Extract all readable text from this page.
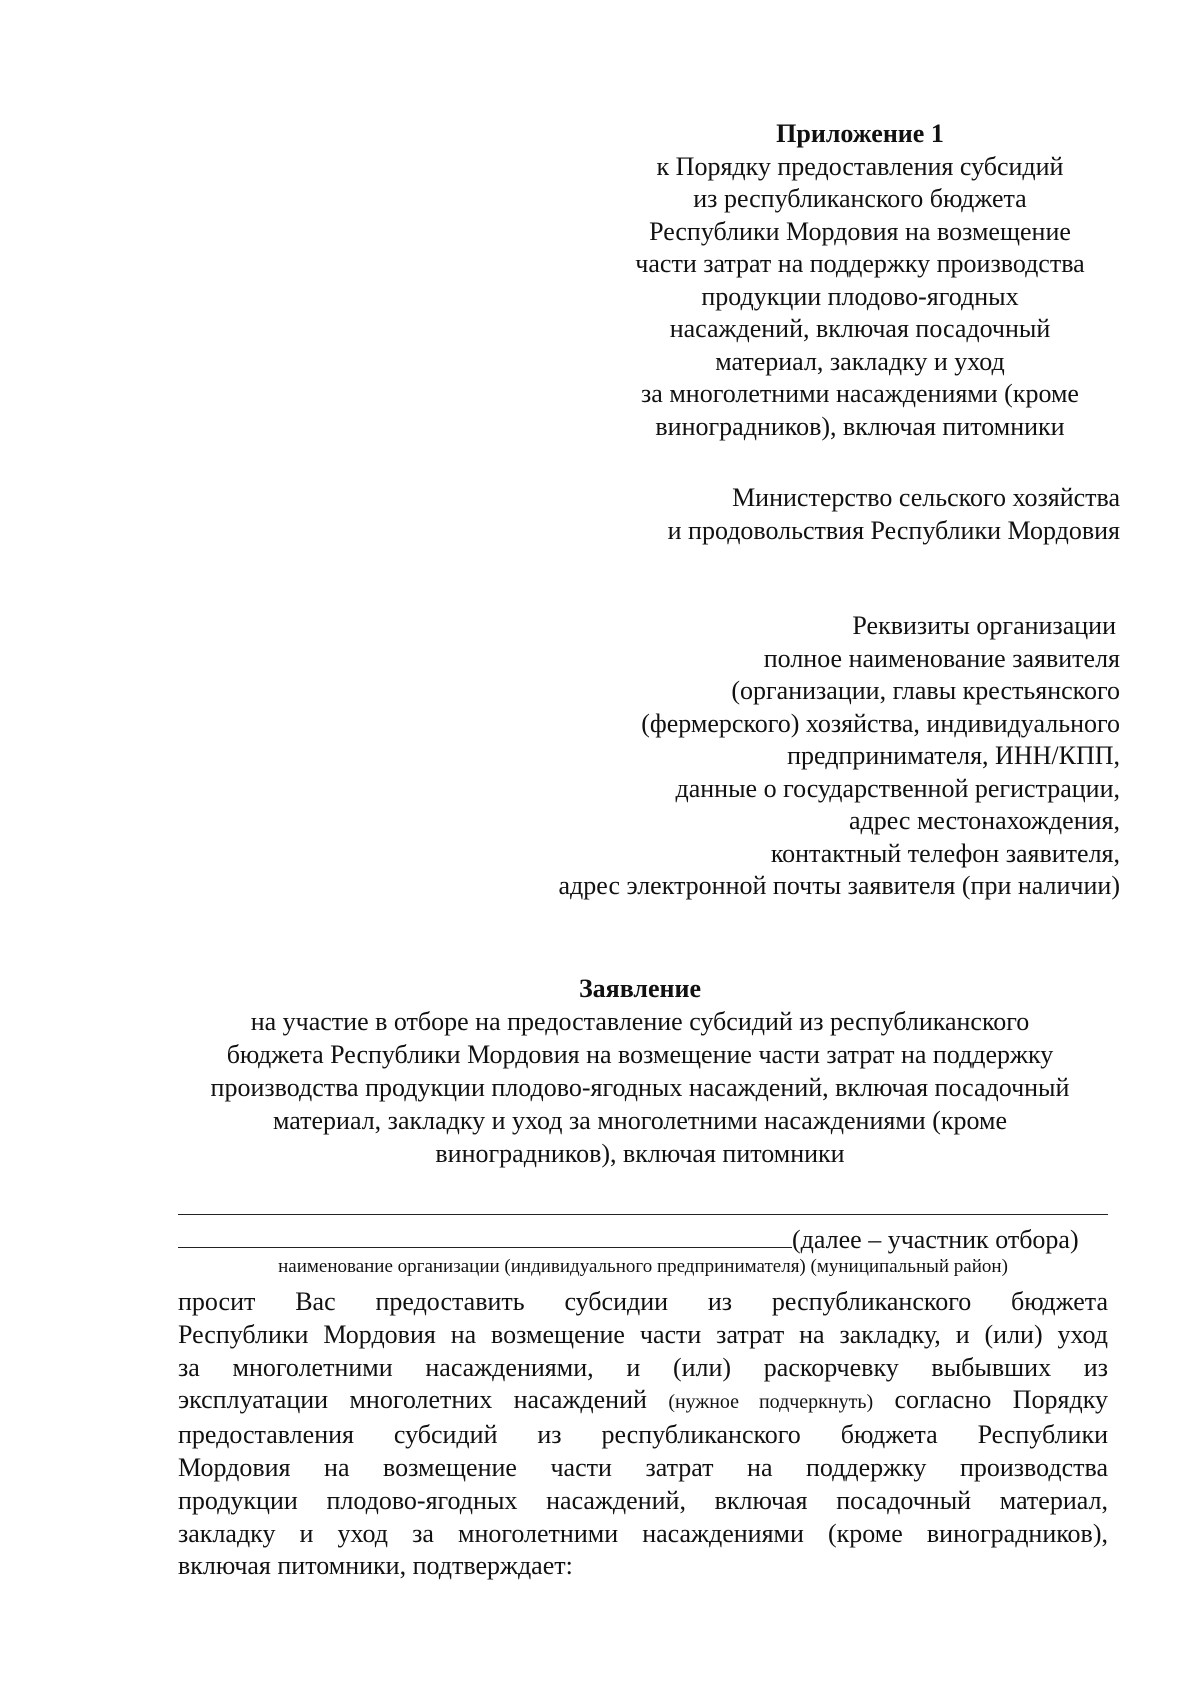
Приложение 1
к Порядку предоставления субсидий
из республиканского бюджета
Республики Мордовия на возмещение
части затрат на поддержку производства
продукции плодово-ягодных
насаждений, включая посадочный
материал, закладку и уход
за многолетними насаждениями (кроме
виноградников), включая питомники
Министерство сельского хозяйства
и продовольствия Республики Мордовия
Реквизиты организации
полное наименование заявителя
(организации, главы крестьянского
(фермерского) хозяйства, индивидуального
предпринимателя, ИНН/КПП,
данные о государственной регистрации,
адрес местонахождения,
контактный телефон заявителя,
адрес электронной почты заявителя (при наличии)
Заявление
на участие в отборе на предоставление субсидий из республиканского
бюджета Республики Мордовия на возмещение части затрат на поддержку
производства продукции плодово-ягодных насаждений, включая посадочный
материал, закладку и уход за многолетними насаждениями (кроме
виноградников), включая питомники
(далее – участник отбора)
наименование организации (индивидуального предпринимателя) (муниципальный район)
просит Вас предоставить субсидии из республиканского бюджета
Республики Мордовия на возмещение части затрат на закладку, и (или) уход
за многолетними насаждениями, и (или) раскорчевку выбывших из
эксплуатации многолетних насаждений (нужное подчеркнуть) согласно Порядку
предоставления субсидий из республиканского бюджета Республики
Мордовия на возмещение части затрат на поддержку производства
продукции плодово-ягодных насаждений, включая посадочный материал,
закладку и уход за многолетними насаждениями (кроме виноградников),
включая питомники, подтверждает:
